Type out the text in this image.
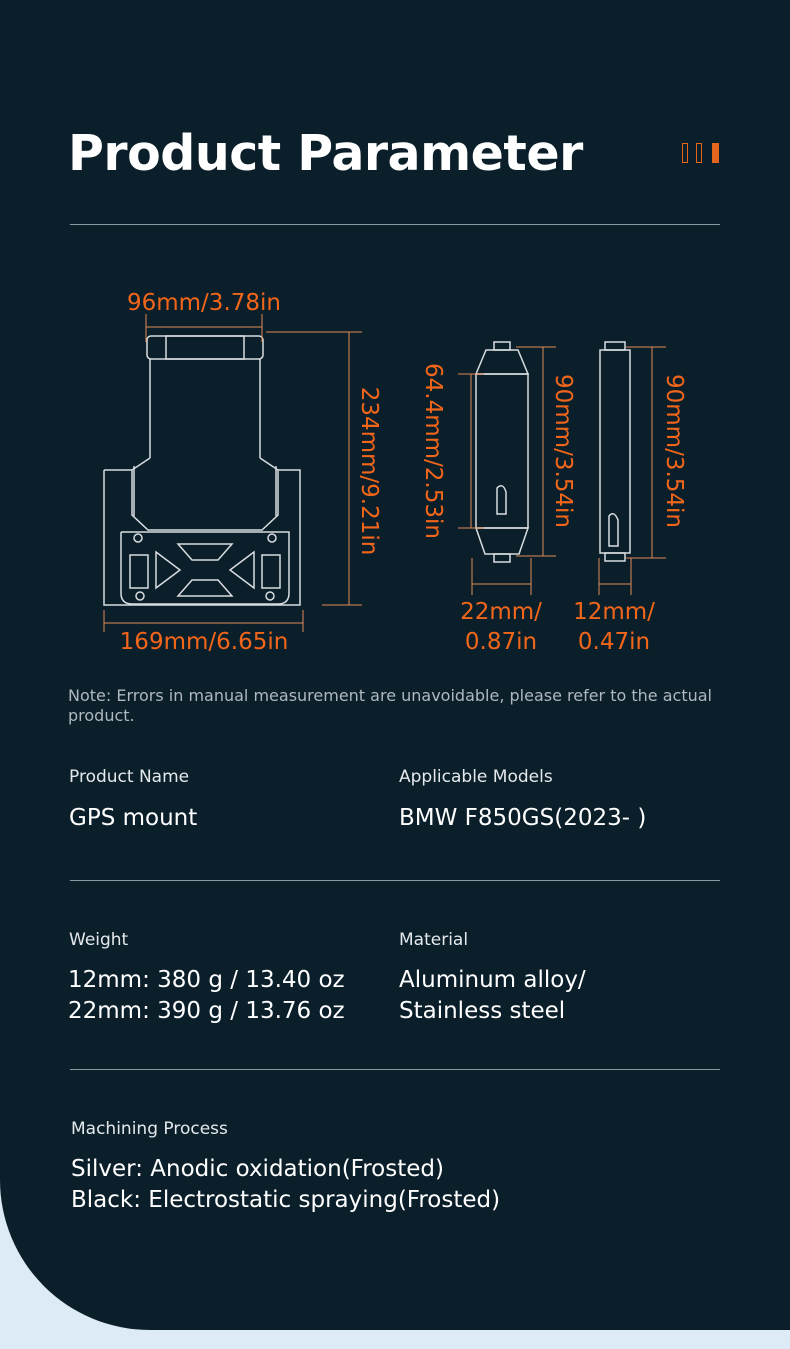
Product Parameter
96mm/3.78in
169mm/6.65in
234mm/9.21in 64.4mm/2.53in	90mm/3.54in
22mm/
0.87in
90mm/3.54in
12mm/
0.47in

Note: Errors in manual measurement are unavoidable, please refer to the actual product.

Product Name
GPS mount
Applicable Models
BMW F850GS(2023- )
Weight
12mm: 380 g / 13.40 oz
22mm: 390 g / 13.76 oz
Material
Aluminum alloy/
Stainless steel
Machining Process
Silver: Anodic oxidation(Frosted)
Black: Electrostatic spraying(Frosted)
